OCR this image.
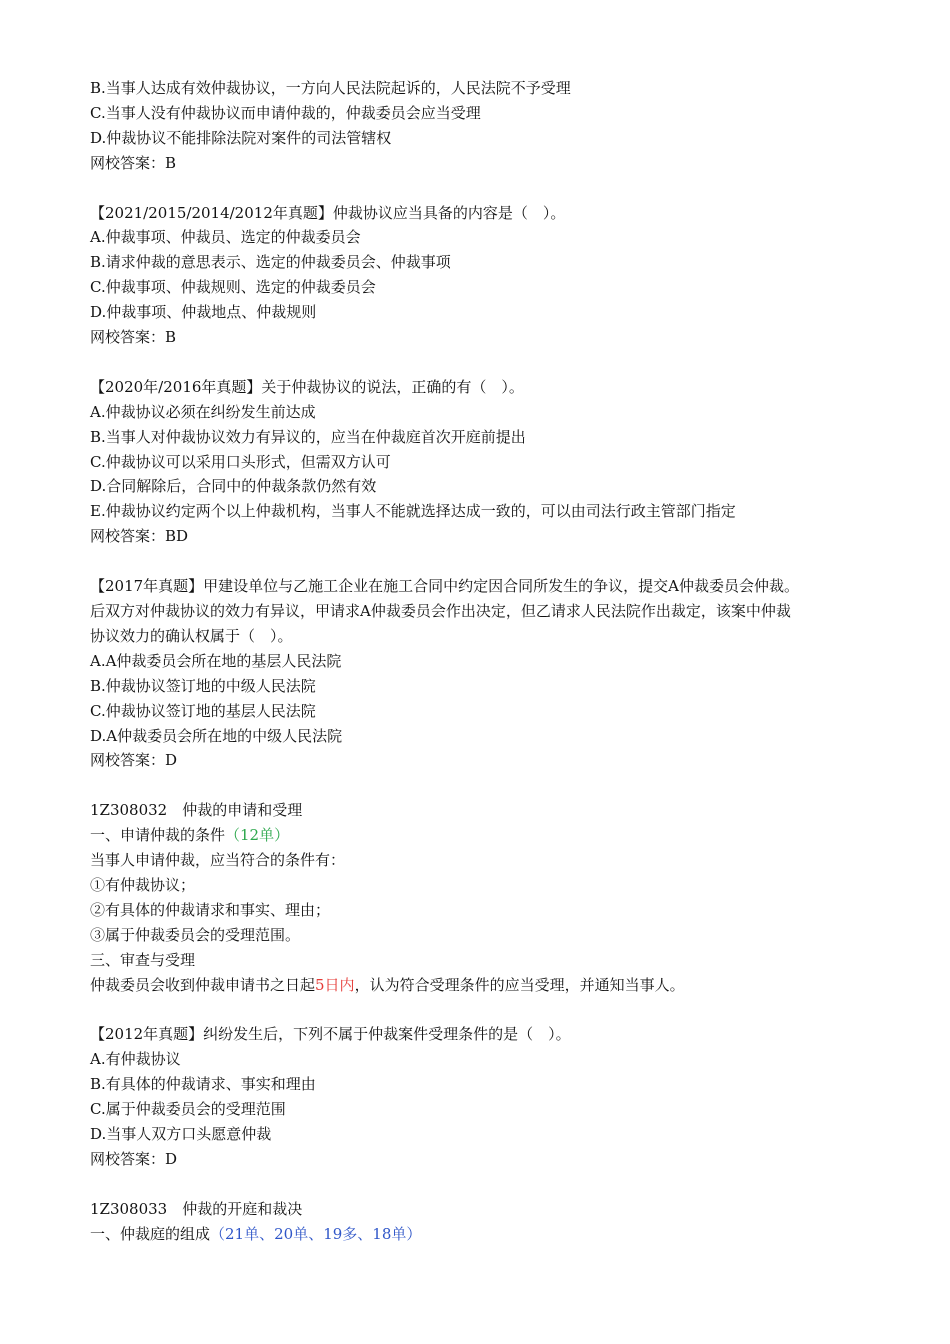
B.当事人达成有效仲裁协议，一方向人民法院起诉的，人民法院不予受理
C.当事人没有仲裁协议而申请仲裁的，仲裁委员会应当受理
D.仲裁协议不能排除法院对案件的司法管辖权
网校答案：B
【2021/2015/2014/2012年真题】仲裁协议应当具备的内容是（　）。
A.仲裁事项、仲裁员、选定的仲裁委员会
B.请求仲裁的意思表示、选定的仲裁委员会、仲裁事项
C.仲裁事项、仲裁规则、选定的仲裁委员会
D.仲裁事项、仲裁地点、仲裁规则
网校答案：B
【2020年/2016年真题】关于仲裁协议的说法，正确的有（　）。
A.仲裁协议必须在纠纷发生前达成
B.当事人对仲裁协议效力有异议的，应当在仲裁庭首次开庭前提出
C.仲裁协议可以采用口头形式，但需双方认可
D.合同解除后，合同中的仲裁条款仍然有效
E.仲裁协议约定两个以上仲裁机构，当事人不能就选择达成一致的，可以由司法行政主管部门指定
网校答案：BD
【2017年真题】甲建设单位与乙施工企业在施工合同中约定因合同所发生的争议，提交A仲裁委员会仲裁。
后双方对仲裁协议的效力有异议，甲请求A仲裁委员会作出决定，但乙请求人民法院作出裁定，该案中仲裁
协议效力的确认权属于（　）。
A.A仲裁委员会所在地的基层人民法院
B.仲裁协议签订地的中级人民法院
C.仲裁协议签订地的基层人民法院
D.A仲裁委员会所在地的中级人民法院
网校答案：D
1Z308032　仲裁的申请和受理
一、申请仲裁的条件（12单）
当事人申请仲裁，应当符合的条件有：
①有仲裁协议；
②有具体的仲裁请求和事实、理由；
③属于仲裁委员会的受理范围。
三、审查与受理
仲裁委员会收到仲裁申请书之日起5日内，认为符合受理条件的应当受理，并通知当事人。
【2012年真题】纠纷发生后，下列不属于仲裁案件受理条件的是（　）。
A.有仲裁协议
B.有具体的仲裁请求、事实和理由
C.属于仲裁委员会的受理范围
D.当事人双方口头愿意仲裁
网校答案：D
1Z308033　仲裁的开庭和裁决
一、仲裁庭的组成（21单、20单、19多、18单）
